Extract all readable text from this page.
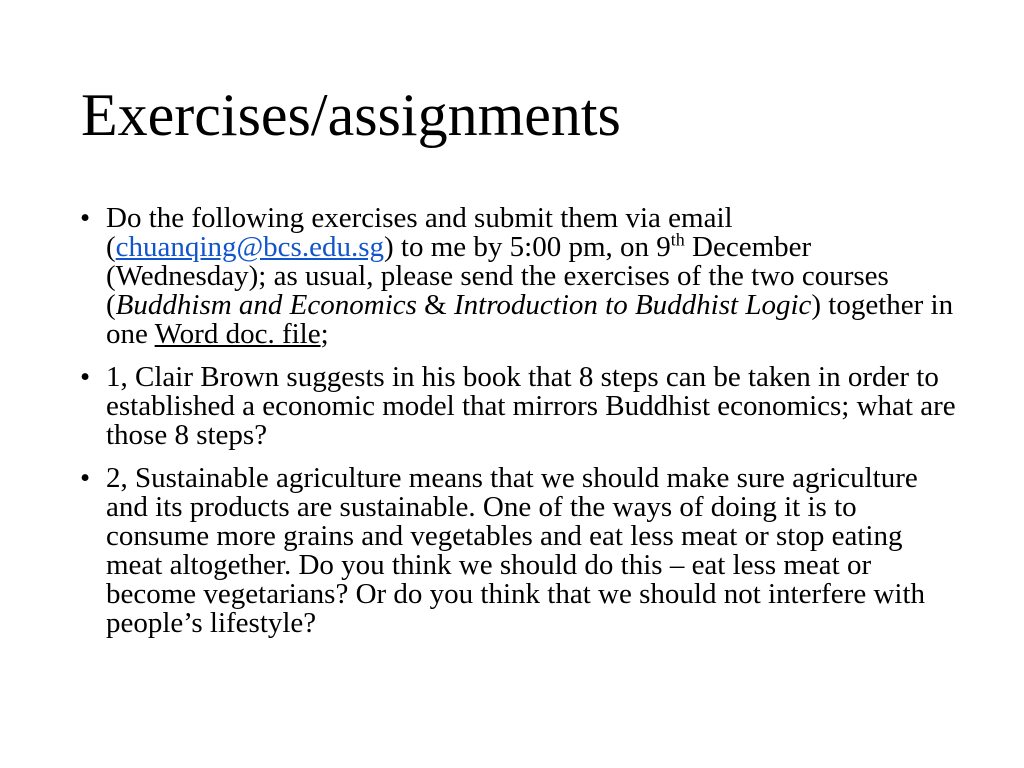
Exercises/assignments
• Do the following exercises and submit them via email (chuanqing@bcs.edu.sg) to me by 5:00 pm, on 9th December (Wednesday); as usual, please send the exercises of the two courses (Buddhism and Economics & Introduction to Buddhist Logic) together in one Word doc. file;
• 1, Clair Brown suggests in his book that 8 steps can be taken in order to established a economic model that mirrors Buddhist economics; what are those 8 steps?
• 2, Sustainable agriculture means that we should make sure agriculture and its products are sustainable. One of the ways of doing it is to consume more grains and vegetables and eat less meat or stop eating meat altogether. Do you think we should do this – eat less meat or become vegetarians? Or do you think that we should not interfere with people’s lifestyle?
